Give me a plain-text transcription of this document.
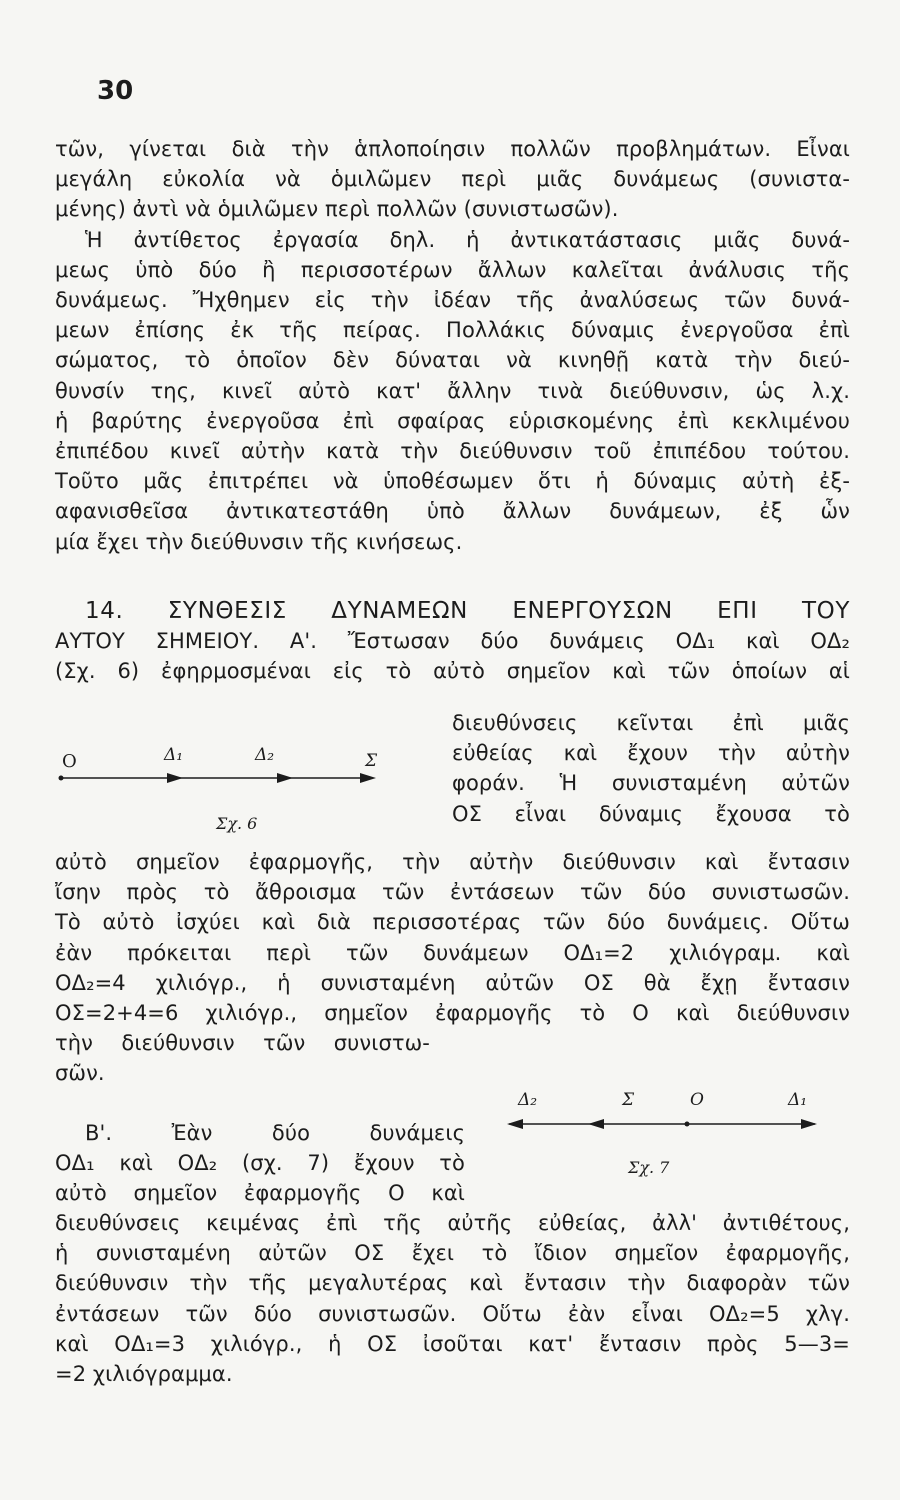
30
τῶν, γίνεται διὰ τὴν ἁπλοποίησιν πολλῶν προβλημάτων. Εἶναι
μεγάλη εὐκολία νὰ ὁμιλῶμεν περὶ μιᾶς δυνάμεως (συνιστα-
μένης) ἀντὶ νὰ ὁμιλῶμεν περὶ πολλῶν (συνιστωσῶν).
Ἡ ἀντίθετος ἐργασία δηλ. ἡ ἀντικατάστασις μιᾶς δυνά-
μεως ὑπὸ δύο ἢ περισσοτέρων ἄλλων καλεῖται ἀνάλυσις τῆς
δυνάμεως. Ἤχθημεν εἰς τὴν ἰδέαν τῆς ἀναλύσεως τῶν δυνά-
μεων ἐπίσης ἐκ τῆς πείρας. Πολλάκις δύναμις ἐνεργοῦσα ἐπὶ
σώματος, τὸ ὁποῖον δὲν δύναται νὰ κινηθῇ κατὰ τὴν διεύ-
θυνσίν της, κινεῖ αὐτὸ κατ' ἄλλην τινὰ διεύθυνσιν, ὡς λ.χ.
ἡ βαρύτης ἐνεργοῦσα ἐπὶ σφαίρας εὑρισκομένης ἐπὶ κεκλιμένου
ἐπιπέδου κινεῖ αὐτὴν κατὰ τὴν διεύθυνσιν τοῦ ἐπιπέδου τούτου.
Τοῦτο μᾶς ἐπιτρέπει νὰ ὑποθέσωμεν ὅτι ἡ δύναμις αὐτὴ ἐξ-
αφανισθεῖσα ἀντικατεστάθη ὑπὸ ἄλλων δυνάμεων, ἐξ ὧν
μία ἔχει τὴν διεύθυνσιν τῆς κινήσεως.
14. ΣΥΝΘΕΣΙΣ ΔΥΝΑΜΕΩΝ ΕΝΕΡΓΟΥΣΩΝ ΕΠΙ ΤΟΥ
ΑΥΤΟΥ ΣΗΜΕΙΟΥ. Α'. Ἔστωσαν δύο δυνάμεις ΟΔ₁ καὶ ΟΔ₂
(Σχ. 6) ἐφηρμοσμέναι εἰς τὸ αὐτὸ σημεῖον καὶ τῶν ὁποίων αἱ
διευθύνσεις κεῖνται ἐπὶ μιᾶς
εὐθείας καὶ ἔχουν τὴν αὐτὴν
φοράν. Ἡ συνισταμένη αὐτῶν
ΟΣ εἶναι δύναμις ἔχουσα τὸ
Ο	Δ₁	Δ₂	Σ
Σχ. 6
αὐτὸ σημεῖον ἐφαρμογῆς, τὴν αὐτὴν διεύθυνσιν καὶ ἔντασιν
ἴσην πρὸς τὸ ἄθροισμα τῶν ἐντάσεων τῶν δύο συνιστωσῶν.
Τὸ αὐτὸ ἰσχύει καὶ διὰ περισσοτέρας τῶν δύο δυνάμεις. Οὕτω
ἐὰν πρόκειται περὶ τῶν δυνάμεων ΟΔ₁=2 χιλιόγραμ. καὶ
ΟΔ₂=4 χιλιόγρ., ἡ συνισταμένη αὐτῶν ΟΣ θὰ ἔχῃ ἔντασιν
ΟΣ=2+4=6 χιλιόγρ., σημεῖον ἐφαρμογῆς τὸ Ο καὶ διεύθυνσιν
τὴν διεύθυνσιν τῶν συνιστω-
σῶν.
Β'. Ἐὰν δύο δυνάμεις
ΟΔ₁ καὶ ΟΔ₂ (σχ. 7) ἔχουν τὸ
αὐτὸ σημεῖον ἐφαρμογῆς Ο καὶ
Δ₂	Σ	Ο	Δ₁
Σχ. 7
διευθύνσεις κειμένας ἐπὶ τῆς αὐτῆς εὐθείας, ἀλλ' ἀντιθέτους,
ἡ συνισταμένη αὐτῶν ΟΣ ἔχει τὸ ἴδιον σημεῖον ἐφαρμογῆς,
διεύθυνσιν τὴν τῆς μεγαλυτέρας καὶ ἔντασιν τὴν διαφορὰν τῶν
ἐντάσεων τῶν δύο συνιστωσῶν. Οὕτω ἐὰν εἶναι ΟΔ₂=5 χλγ.
καὶ ΟΔ₁=3 χιλιόγρ., ἡ ΟΣ ἰσοῦται κατ' ἔντασιν πρὸς 5—3=
=2 χιλιόγραμμα.
